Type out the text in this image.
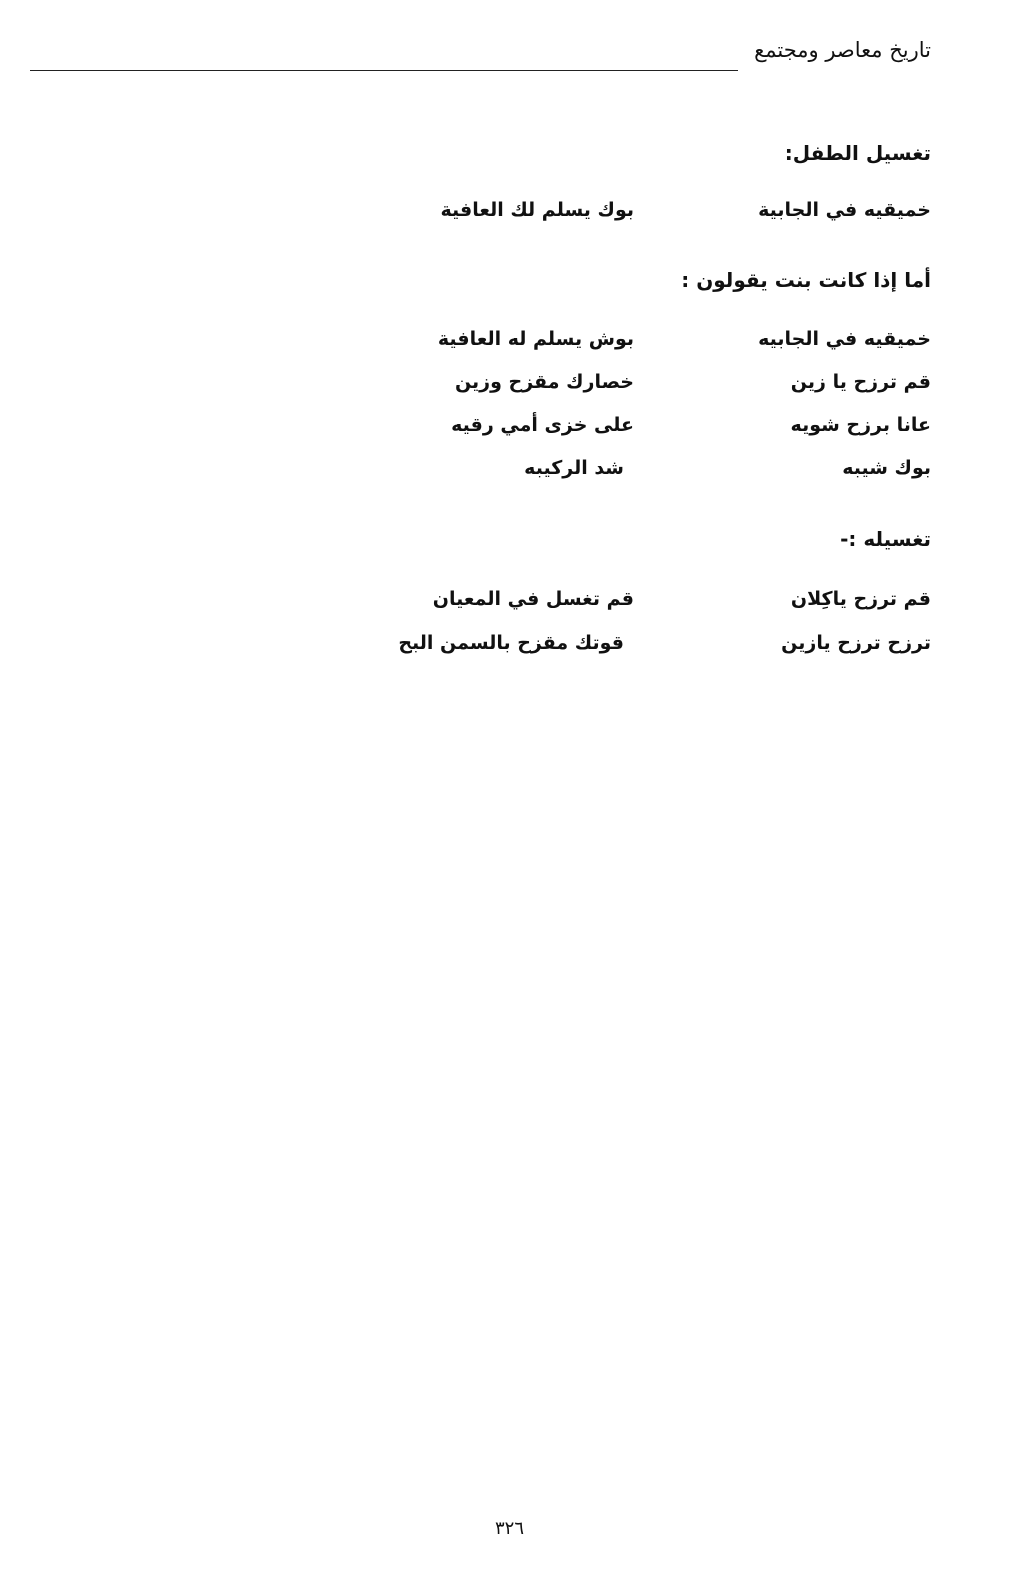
تاريخ معاصر ومجتمع
تغسيل الطفل:
خميقيه في الجابية
بوك يسلم لك العافية
أما إذا كانت بنت يقولون :
خميقيه في الجابيه
بوش يسلم له العافية
قم ترزح يا زين
خصارك مقزح وزين
عانا برزح شويه
على خزى أمي رقيه
بوك شيبه
شد الركيبه
تغسيله :-
قم ترزح ياكِلان
قم تغسل في المعيان
ترزح ترزح يازين
قوتك مقزح بالسمن البح
٣٢٦
